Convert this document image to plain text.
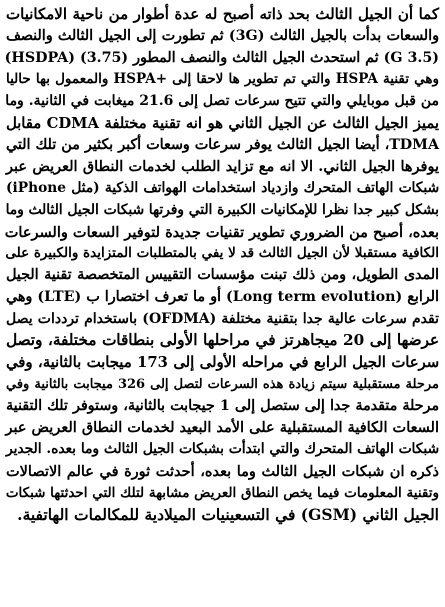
كما أن الجيل الثالث بحد ذاته أصبح له عدة أطوار من ناحية الامكانيات
والسعات بدأت بالجيل الثالث (3G) ثم تطورت إلى الجيل الثالث والنصف
(3.5 G) ثم استحدث الجيل الثالث والنصف المطور (3.75) (HSDPA)
وهي تقنية HSPA والتي تم تطوير ها لاحقا إلى +HSPA والمعمول بها حاليا
من قبل موبايلي والتي تتيح سرعات تصل إلى 21.6 ميغابت في الثانية. وما
يميز الجيل الثالث عن الجيل الثاني هو انه تقنية مختلفة CDMA مقابل
TDMA، أيضا الجيل الثالث يوفر سرعات وسعات أكبر بكثير من تلك التي
يوفرها الجيل الثاني. الا انه مع تزايد الطلب لخدمات النطاق العريض عبر
شبكات الهاتف المتحرك وازدياد استخدامات الهواتف الذكية (مثل iPhone)
بشكل كبير جدا نظرا للإمكانيات الكبيرة التي وفرتها شبكات الجيل الثالث وما
بعده، أصبح من الضروري تطوير تقنيات جديدة لتوفير السعات والسرعات
الكافية مستقبلا لأن الجيل الثالث قد لا يفي بالمتطلبات المتزايدة والكبيرة على
المدى الطويل، ومن ذلك تبنت مؤسسات التقييس المتخصصة تقنية الجيل
الرابع (Long term evolution) أو ما تعرف اختصارا ب (LTE) وهي
تقدم سرعات عالية جدا بتقنية مختلفة (OFDMA) باستخدام ترددات يصل
عرضها إلى 20 ميجاهرتز في مراحلها الأولى بنطاقات مختلفة، وتصل
سرعات الجيل الرابع في مراحله الأولى إلى 173 ميجابت بالثانية، وفي
مرحلة مستقبلية سيتم زيادة هذه السرعات لتصل إلى 326 ميجابت بالثانية وفي
مرحلة متقدمة جدا إلى ستصل إلى 1 جيجابت بالثانية، وستوفر تلك التقنية
السعات الكافية المستقبلية على الأمد البعيد لخدمات النطاق العريض عبر
شبكات الهاتف المتحرك والتي ابتدأت بشبكات الجيل الثالث وما بعده. الجدير
ذكره ان شبكات الجيل الثالث وما بعده، أحدثت ثورة في عالم الاتصالات
وتقنية المعلومات فيما يخص النطاق العريض مشابهة لتلك التي احدثتها شبكات
الجيل الثاني (GSM) في التسعينيات الميلادية للمكالمات الهاتفية.
